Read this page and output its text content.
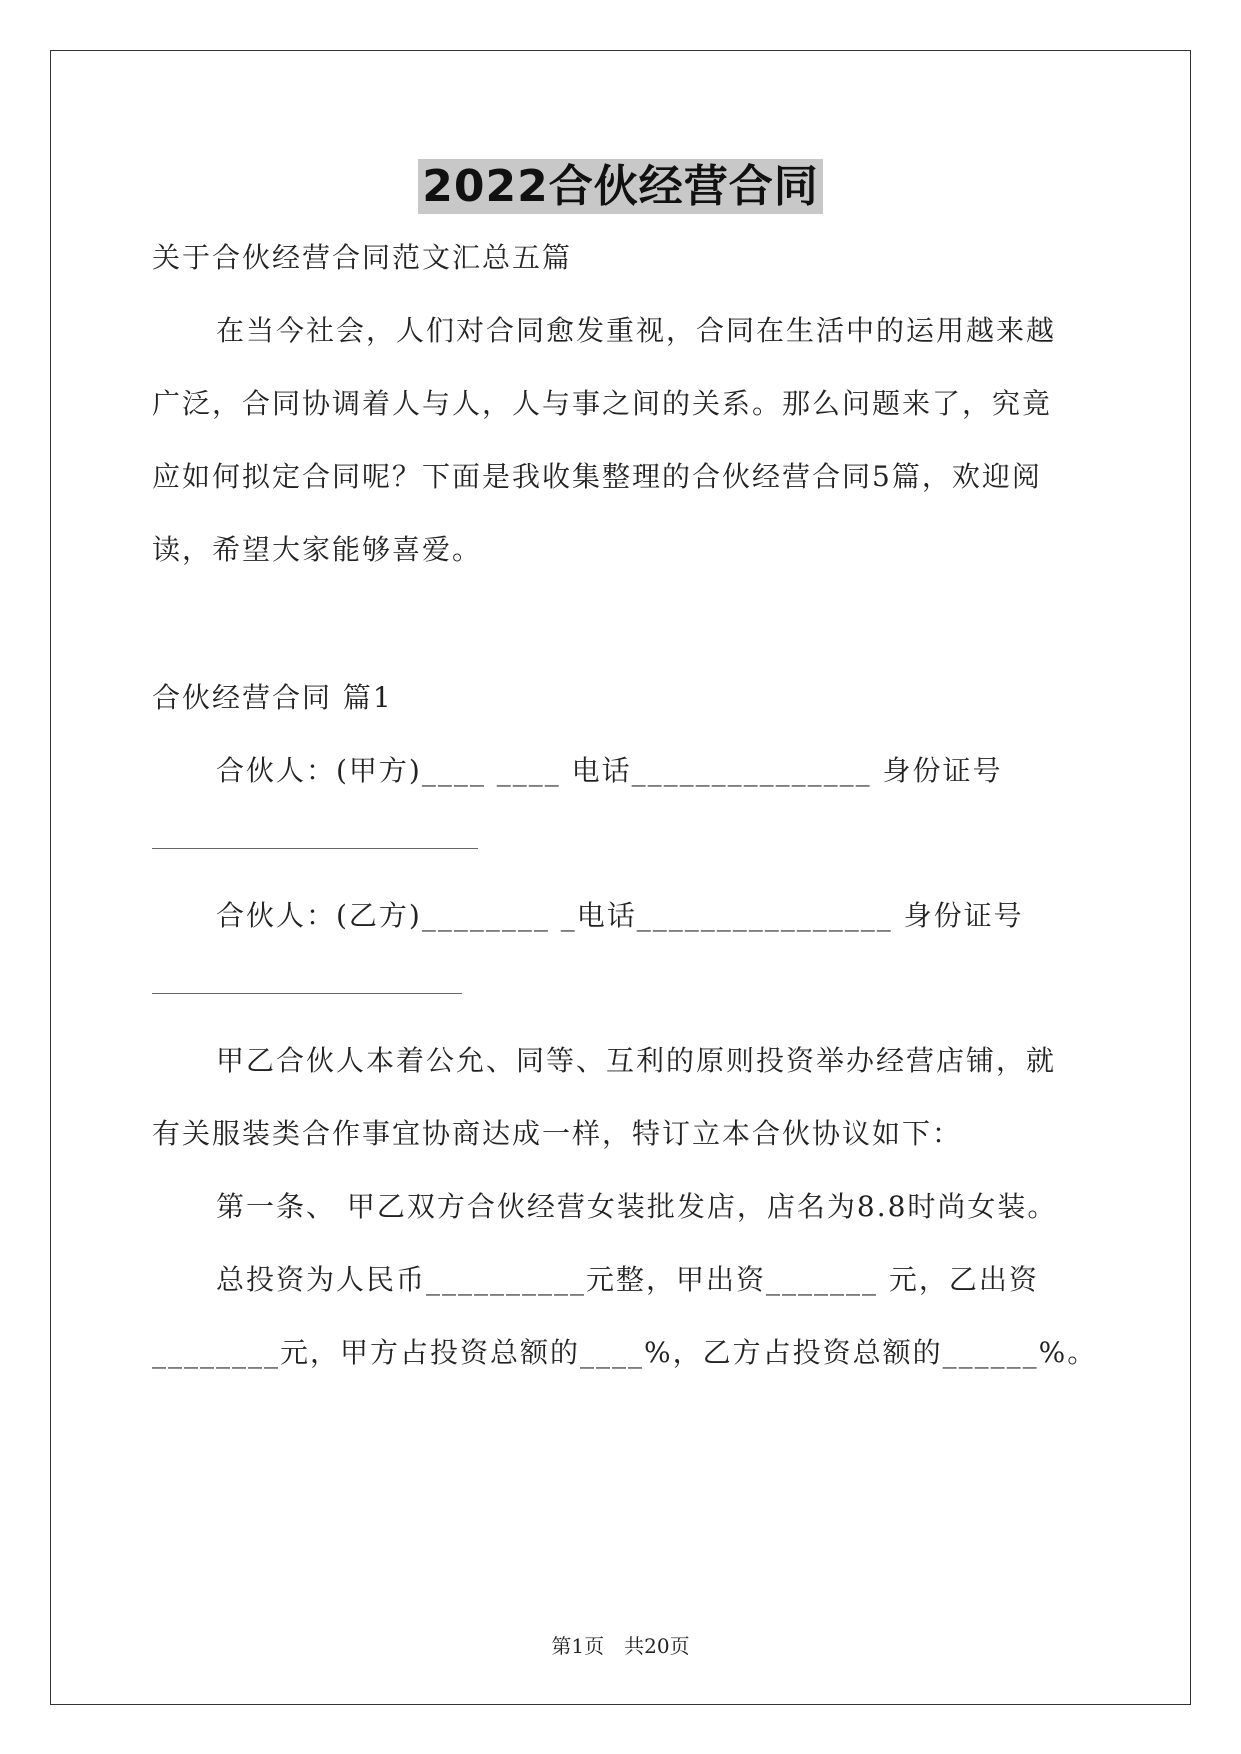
2022合伙经营合同
关于合伙经营合同范文汇总五篇
在当今社会，人们对合同愈发重视，合同在生活中的运用越来越
广泛，合同协调着人与人，人与事之间的关系。那么问题来了，究竟
应如何拟定合同呢？下面是我收集整理的合伙经营合同5篇，欢迎阅
读，希望大家能够喜爱。
合伙经营合同 篇1
合伙人：(甲方)____ ____ 电话_______________ 身份证号
合伙人：(乙方)________ _电话________________ 身份证号
甲乙合伙人本着公允、同等、互利的原则投资举办经营店铺，就
有关服装类合作事宜协商达成一样，特订立本合伙协议如下：
第一条、 甲乙双方合伙经营女装批发店，店名为8.8时尚女装。
总投资为人民币__________元整，甲出资_______ 元，乙出资
________元，甲方占投资总额的____%，乙方占投资总额的______%。
第1页　共20页
